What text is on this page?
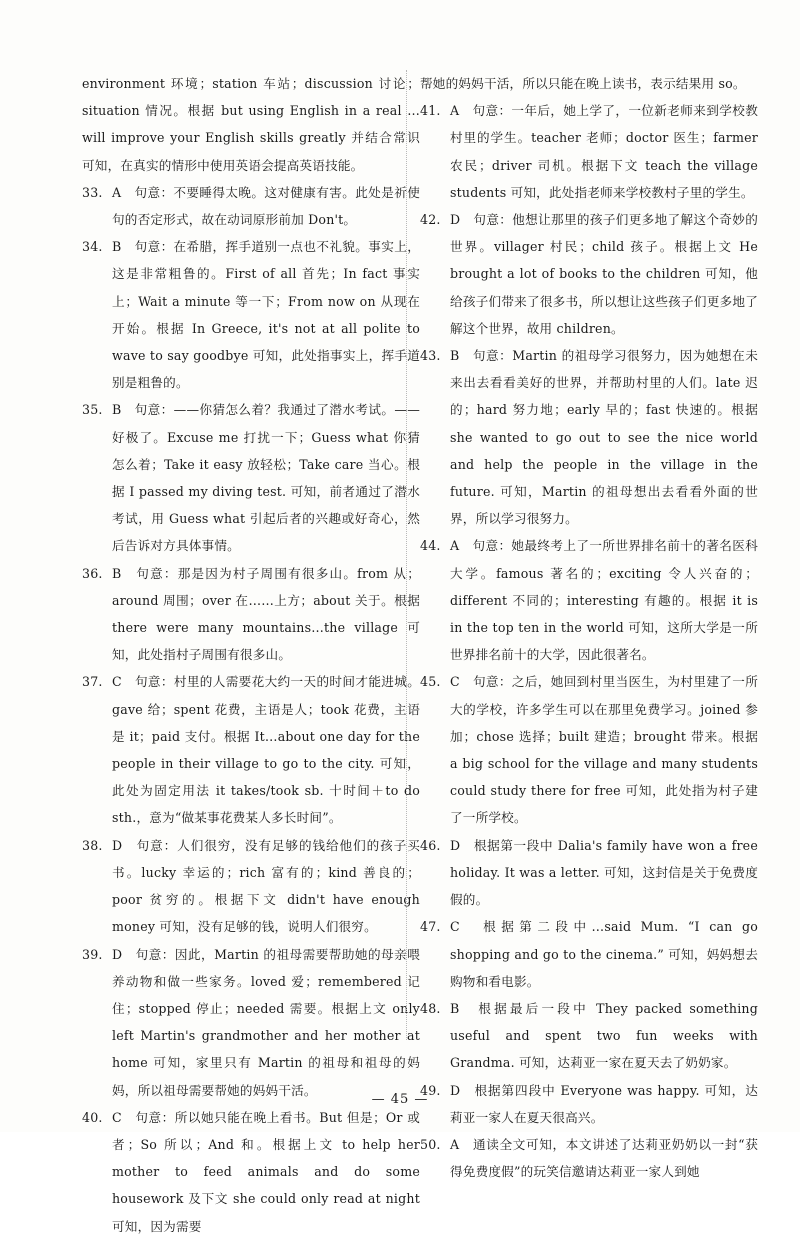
environment 环境；station 车站；discussion 讨论；situation 情况。根据 but using English in a real … will improve your English skills greatly 并结合常识可知，在真实的情形中使用英语会提高英语技能。

33. A　句意：不要睡得太晚。这对健康有害。此处是祈使句的否定形式，故在动词原形前加 Don't。

34. B　句意：在希腊，挥手道别一点也不礼貌。事实上，这是非常粗鲁的。First of all 首先；In fact 事实上；Wait a minute 等一下；From now on 从现在开始。根据 In Greece, it's not at all polite to wave to say goodbye 可知，此处指事实上，挥手道别是粗鲁的。

35. B　句意：——你猜怎么着？我通过了潜水考试。——好极了。Excuse me 打扰一下；Guess what 你猜怎么着；Take it easy 放轻松；Take care 当心。根据 I passed my diving test. 可知，前者通过了潜水考试，用 Guess what 引起后者的兴趣或好奇心，然后告诉对方具体事情。

36. B　句意：那是因为村子周围有很多山。from 从；around 周围；over 在……上方；about 关于。根据 there were many mountains…the village 可知，此处指村子周围有很多山。

37. C　句意：村里的人需要花大约一天的时间才能进城。gave 给；spent 花费，主语是人；took 花费，主语是 it；paid 支付。根据 It…about one day for the people in their village to go to the city. 可知，此处为固定用法 it takes/took sb. 十时间＋to do sth.，意为“做某事花费某人多长时间”。

38. D　句意：人们很穷，没有足够的钱给他们的孩子买书。lucky 幸运的；rich 富有的；kind 善良的；poor 贫穷的。根据下文 didn't have enough money 可知，没有足够的钱，说明人们很穷。

39. D　句意：因此，Martin 的祖母需要帮助她的母亲喂养动物和做一些家务。loved 爱；remembered 记住；stopped 停止；needed 需要。根据上文 only left Martin's grandmother and her mother at home 可知，家里只有 Martin 的祖母和祖母的妈妈，所以祖母需要帮她的妈妈干活。

40. C　句意：所以她只能在晚上看书。But 但是；Or 或者；So 所以；And 和。根据上文 to help her mother to feed animals and do some housework 及下文 she could only read at night 可知，因为需要

帮她的妈妈干活，所以只能在晚上读书，表示结果用 so。

41. A　句意：一年后，她上学了，一位新老师来到学校教村里的学生。teacher 老师；doctor 医生；farmer 农民；driver 司机。根据下文 teach the village students 可知，此处指老师来学校教村子里的学生。

42. D　句意：他想让那里的孩子们更多地了解这个奇妙的世界。villager 村民；child 孩子。根据上文 He brought a lot of books to the children 可知，他给孩子们带来了很多书，所以想让这些孩子们更多地了解这个世界，故用 children。

43. B　句意：Martin 的祖母学习很努力，因为她想在未来出去看看美好的世界，并帮助村里的人们。late 迟的；hard 努力地；early 早的；fast 快速的。根据 she wanted to go out to see the nice world and help the people in the village in the future. 可知，Martin 的祖母想出去看看外面的世界，所以学习很努力。

44. A　句意：她最终考上了一所世界排名前十的著名医科大学。famous 著名的；exciting 令人兴奋的；different 不同的；interesting 有趣的。根据 it is in the top ten in the world 可知，这所大学是一所世界排名前十的大学，因此很著名。

45. C　句意：之后，她回到村里当医生，为村里建了一所大的学校，许多学生可以在那里免费学习。joined 参加；chose 选择；built 建造；brought 带来。根据 a big school for the village and many students could study there for free 可知，此处指为村子建了一所学校。

46. D　根据第一段中 Dalia's family have won a free holiday. It was a letter. 可知，这封信是关于免费度假的。

47. C　根据第二段中…said Mum. “I can go shopping and go to the cinema.” 可知，妈妈想去购物和看电影。

48. B　根据最后一段中 They packed something useful and spent two fun weeks with Grandma. 可知，达莉亚一家在夏天去了奶奶家。

49. D　根据第四段中 Everyone was happy. 可知，达莉亚一家人在夏天很高兴。

50. A　通读全文可知，本文讲述了达莉亚奶奶以一封“获得免费度假”的玩笑信邀请达莉亚一家人到她

— 45 —
